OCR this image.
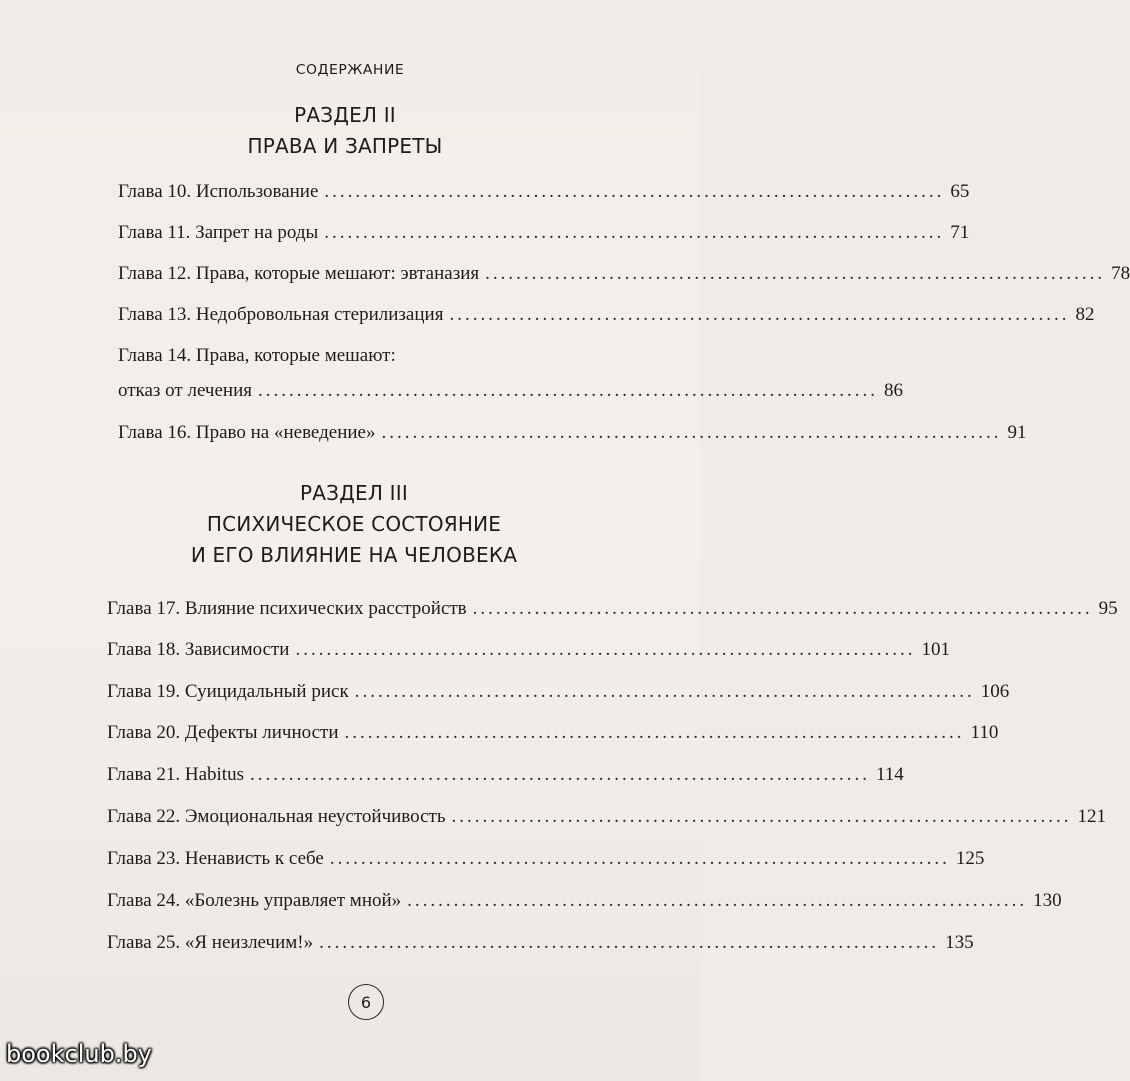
СОДЕРЖАНИЕ
РАЗДЕЛ II
ПРАВА И ЗАПРЕТЫ
Глава 10. Использование ................................................................................ 65
Глава 11. Запрет на роды ................................................................................ 71
Глава 12. Права, которые мешают: эвтаназия ................................................................................ 78
Глава 13. Недобровольная стерилизация ................................................................................ 82
Глава 14. Права, которые мешают:
отказ от лечения ................................................................................ 86
Глава 16. Право на «неведение» ................................................................................ 91
РАЗДЕЛ III
ПСИХИЧЕСКОЕ СОСТОЯНИЕ
И ЕГО ВЛИЯНИЕ НА ЧЕЛОВЕКА
Глава 17. Влияние психических расстройств ................................................................................ 95
Глава 18. Зависимости ................................................................................ 101
Глава 19. Суицидальный риск ................................................................................ 106
Глава 20. Дефекты личности ................................................................................ 110
Глава 21. Habitus ................................................................................ 114
Глава 22. Эмоциональная неустойчивость ................................................................................ 121
Глава 23. Ненависть к себе ................................................................................ 125
Глава 24. «Болезнь управляет мной» ................................................................................ 130
Глава 25. «Я неизлечим!» ................................................................................ 135
6
bookclub.by
